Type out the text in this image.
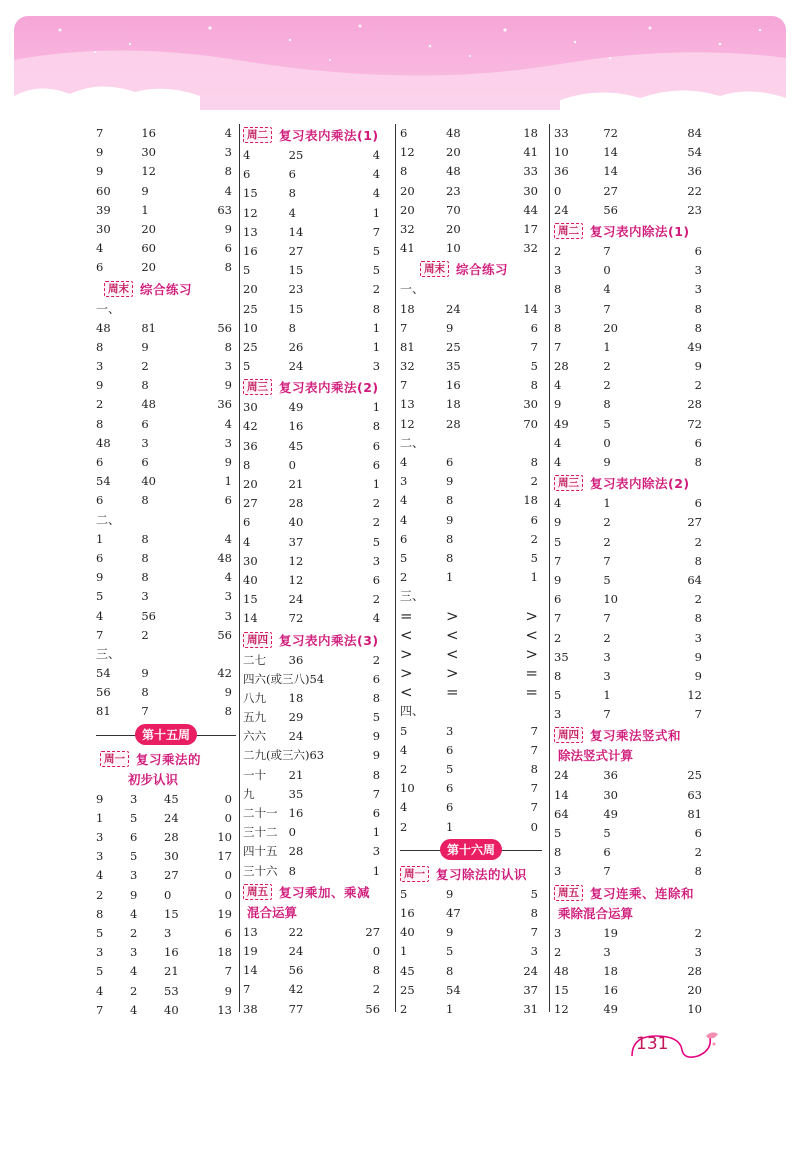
7	16	4
9	30	3
9	12	8
60	9	4
39	1	63
30	20	9
4	60	6
6	20	8
周末 综合练习
一、
48	81	56
8	9	8
3	2	3
9	8	9
2	48	36
8	6	4
48	3	3
6	6	9
54	40	1
6	8	6
二、
1	8	4
6	8	48
9	8	4
5	3	3
4	56	3
7	2	56
三、
54	9	42
56	8	9
81	7	8
第十五周
周一 复习乘法的
初步认识
9	3	45	0
1	5	24	0
3	6	28	10
3	5	30	17
4	3	27	0
2	9	0	0
8	4	15	19
5	2	3	6
3	3	16	18
5	4	21	7
4	2	53	9
7	4	40	13
周二 复习表内乘法(1)
4	25	4
6	6	4
15	8	4
12	4	1
13	14	7
16	27	5
5	15	5
20	23	2
25	15	8
10	8	1
25	26	1
5	24	3
周三 复习表内乘法(2)
30	49	1
42	16	8
36	45	6
8	0	6
20	21	1
27	28	2
6	40	2
4	37	5
30	12	3
40	12	6
15	24	2
14	72	4
周四 复习表内乘法(3)
二七	36	2
四六(或三八) 54	6
八九	18	8
五九	29	5
六六	24	9
二九(或三六) 63	9
一十	21	8
九	35	7
二十一 16	6
三十二 0	1
四十五 28	3
三十六 8	1
周五 复习乘加、乘减
混合运算
13	22	27
19	24	0
14	56	8
7	42	2
38	77	56
6	48	18
12	20	41
8	48	33
20	23	30
20	70	44
32	20	17
41	10	32
周末 综合练习
一、
18	24	14
7	9	6
81	25	7
32	35	5
7	16	8
13	18	30
12	28	70
二、
4	6	8
3	9	2
4	8	18
4	9	6
6	8	2
5	8	5
2	1	1
三、
=	>	>
<	<	<
>	<	>
>	>	=
<	=	=
四、
5	3	7
4	6	7
2	5	8
10	6	7
4	6	7
2	1	0
第十六周
周一 复习除法的认识
5	9	5
16	47	8
40	9	7
1	5	3
45	8	24
25	54	37
2	1	31
33	72	84
10	14	54
36	14	36
0	27	22
24	56	23
周二 复习表内除法(1)
2	7	6
3	0	3
8	4	3
3	7	8
8	20	8
7	1	49
28	2	9
4	2	2
9	8	28
49	5	72
4	0	6
4	9	8
周三 复习表内除法(2)
4	1	6
9	2	27
5	2	2
7	7	8
9	5	64
6	10	2
7	7	8
2	2	3
35	3	9
8	3	9
5	1	12
3	7	7
周四 复习乘法竖式和
除法竖式计算
24	36	25
14	30	63
64	49	81
5	5	6
8	6	2
3	7	8
周五 复习连乘、连除和
乘除混合运算
3	19	2
2	3	3
48	18	28
15	16	20
12	49	10
131
